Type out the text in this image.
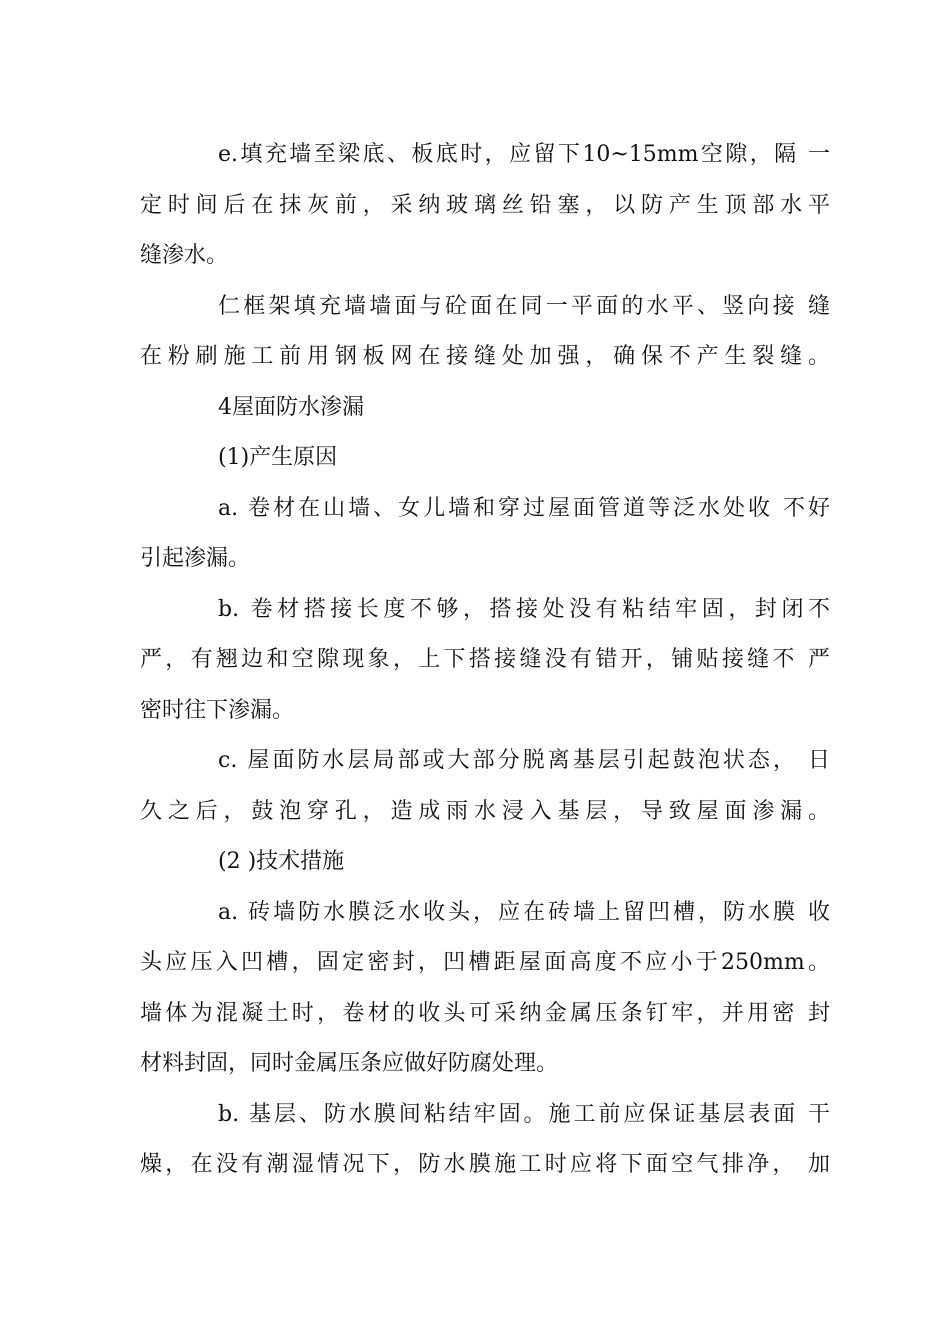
e.填充墙至梁底、板底时，应留下10~15mm空隙，隔 一
定时间后在抹灰前，采纳玻璃丝铅塞，以防产生顶部水平
缝渗水。
仁框架填充墙墙面与砼面在同一平面的水平、竖向接 缝
在粉刷施工前用钢板网在接缝处加强，确保不产生裂缝。
4屋面防水渗漏
(1)产生原因
a. 卷材在山墙、女儿墙和穿过屋面管道等泛水处收 不好
引起渗漏。
b. 卷材搭接长度不够，搭接处没有粘结牢固，封闭不
严，有翘边和空隙现象，上下搭接缝没有错开，铺贴接缝不 严
密时往下渗漏。
c. 屋面防水层局部或大部分脱离基层引起鼓泡状态， 日
久之后，鼓泡穿孔，造成雨水浸入基层，导致屋面渗漏。
(2 )技术措施
a. 砖墙防水膜泛水收头，应在砖墙上留凹槽，防水膜 收
头应压入凹槽，固定密封，凹槽距屋面高度不应小于250mm。
墙体为混凝土时，卷材的收头可采纳金属压条钉牢，并用密 封
材料封固，同时金属压条应做好防腐处理。
b. 基层、防水膜间粘结牢固。施工前应保证基层表面 干
燥，在没有潮湿情况下，防水膜施工时应将下面空气排净， 加
